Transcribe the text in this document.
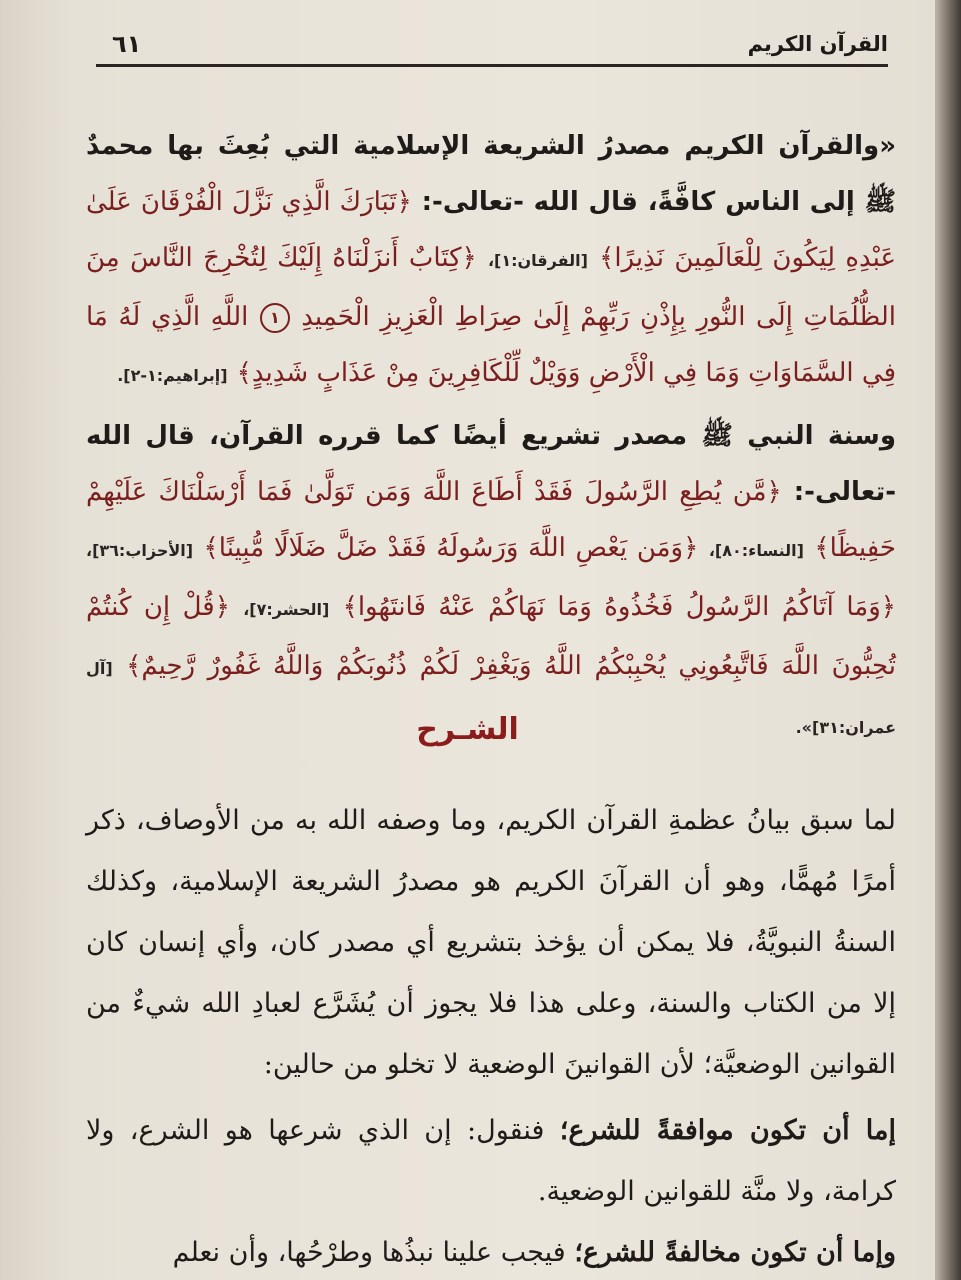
القرآن الكريم
٦١
«والقرآن الكريم مصدرُ الشريعة الإسلامية التي بُعِثَ بها محمدٌ ﷺ إلى الناس كافَّةً، قال الله -تعالى-: ﴿تَبَارَكَ الَّذِي نَزَّلَ الْفُرْقَانَ عَلَىٰ عَبْدِهِ لِيَكُونَ لِلْعَالَمِينَ نَذِيرًا﴾ [الفرقان:١]، ﴿كِتَابٌ أَنزَلْنَاهُ إِلَيْكَ لِتُخْرِجَ النَّاسَ مِنَ الظُّلُمَاتِ إِلَى النُّورِ بِإِذْنِ رَبِّهِمْ إِلَىٰ صِرَاطِ الْعَزِيزِ الْحَمِيدِ ١ اللَّهِ الَّذِي لَهُ مَا فِي السَّمَاوَاتِ وَمَا فِي الْأَرْضِ وَوَيْلٌ لِّلْكَافِرِينَ مِنْ عَذَابٍ شَدِيدٍ﴾ [إبراهيم:١-٢].
وسنة النبي ﷺ مصدر تشريع أيضًا كما قرره القرآن، قال الله -تعالى-: ﴿مَّن يُطِعِ الرَّسُولَ فَقَدْ أَطَاعَ اللَّهَ وَمَن تَوَلَّىٰ فَمَا أَرْسَلْنَاكَ عَلَيْهِمْ حَفِيظًا﴾ [النساء:٨٠]، ﴿وَمَن يَعْصِ اللَّهَ وَرَسُولَهُ فَقَدْ ضَلَّ ضَلَالًا مُّبِينًا﴾ [الأحزاب:٣٦]، ﴿وَمَا آتَاكُمُ الرَّسُولُ فَخُذُوهُ وَمَا نَهَاكُمْ عَنْهُ فَانتَهُوا﴾ [الحشر:٧]، ﴿قُلْ إِن كُنتُمْ تُحِبُّونَ اللَّهَ فَاتَّبِعُونِي يُحْبِبْكُمُ اللَّهُ وَيَغْفِرْ لَكُمْ ذُنُوبَكُمْ وَاللَّهُ غَفُورٌ رَّحِيمٌ﴾ [آل عمران:٣١]».
الشـرح
لما سبق بيانُ عظمةِ القرآن الكريم، وما وصفه الله به من الأوصاف، ذكر أمرًا مُهمًّا، وهو أن القرآنَ الكريم هو مصدرُ الشريعة الإسلامية، وكذلك السنةُ النبويَّةُ، فلا يمكن أن يؤخذ بتشريع أي مصدر كان، وأي إنسان كان إلا من الكتاب والسنة، وعلى هذا فلا يجوز أن يُشَرَّع لعبادِ الله شيءٌ من القوانين الوضعيَّة؛ لأن القوانينَ الوضعية لا تخلو من حالين:
إما أن تكون موافقةً للشرع؛ فنقول: إن الذي شرعها هو الشرع، ولا كرامة، ولا منَّة للقوانين الوضعية.
وإما أن تكون مخالفةً للشرع؛ فيجب علينا نبذُها وطرْحُها، وأن نعلم
